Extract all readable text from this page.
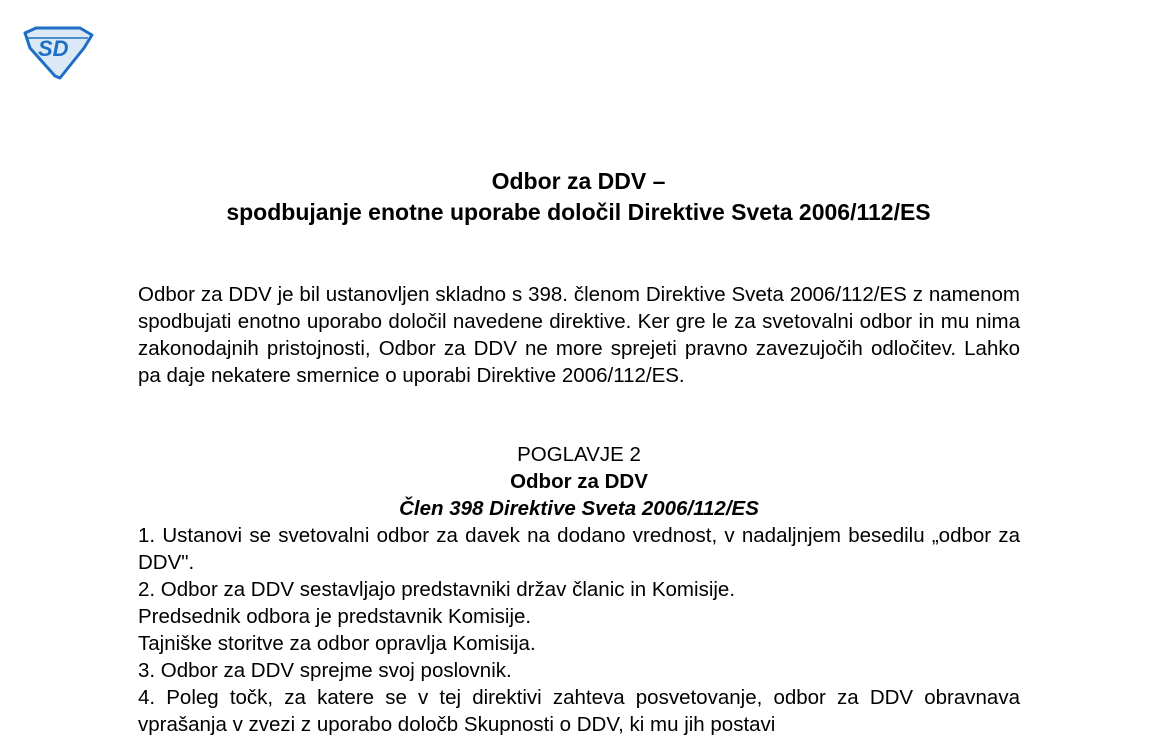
SD
Odbor za DDV –
spodbujanje enotne uporabe določil Direktive Sveta 2006/112/ES

Odbor za DDV je bil ustanovljen skladno s 398. členom Direktive Sveta 2006/112/ES z namenom spodbujati enotno uporabo določil navedene direktive. Ker gre le za svetovalni odbor in mu nima zakonodajnih pristojnosti, Odbor za DDV ne more sprejeti pravno zavezujočih odločitev. Lahko pa daje nekatere smernice o uporabi Direktive 2006/112/ES.

POGLAVJE 2

Odbor za DDV

Člen 398 Direktive Sveta 2006/112/ES

1. Ustanovi se svetovalni odbor za davek na dodano vrednost, v nadaljnjem besedilu „odbor za DDV".

2. Odbor za DDV sestavljajo predstavniki držav članic in Komisije.

Predsednik odbora je predstavnik Komisije.

Tajniške storitve za odbor opravlja Komisija.

3. Odbor za DDV sprejme svoj poslovnik.

4. Poleg točk, za katere se v tej direktivi zahteva posvetovanje, odbor za DDV obravnava vprašanja v zvezi z uporabo določb Skupnosti o DDV, ki mu jih postavi
